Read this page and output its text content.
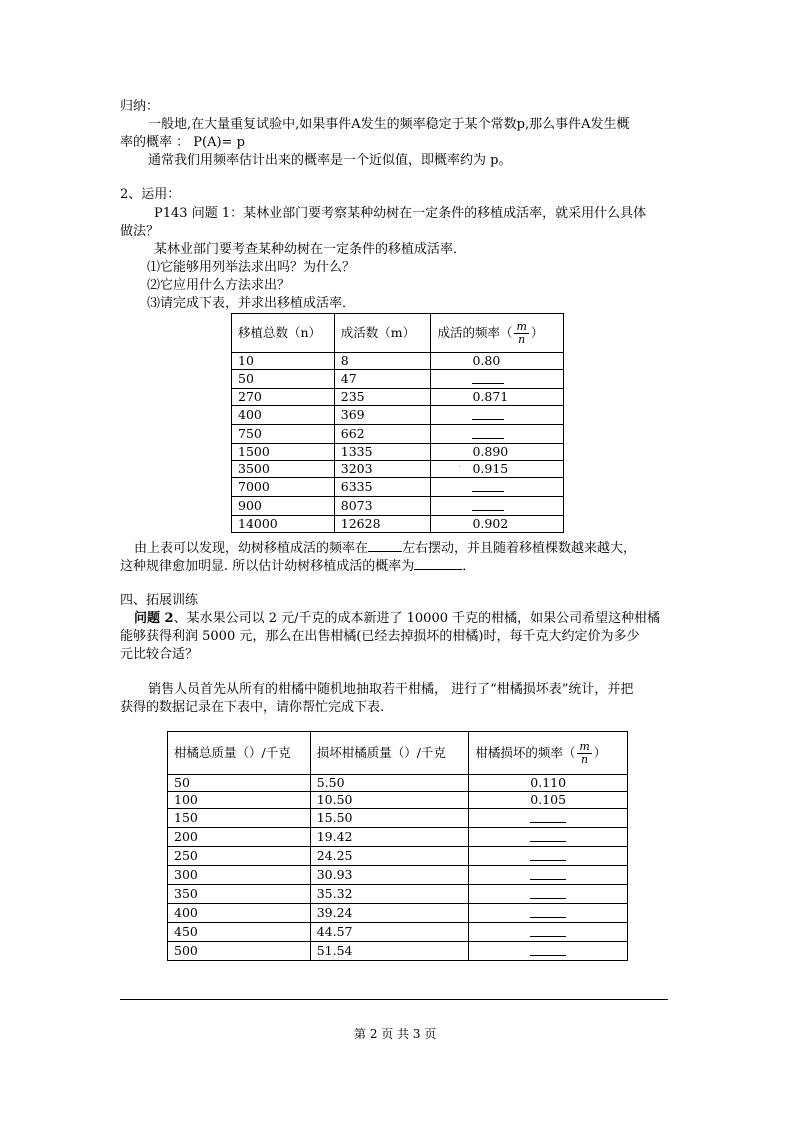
归纳：
一般地,在大量重复试验中,如果事件A发生的频率稳定于某个常数p,那么事件A发生概
率的概率 ： P(A)= p
通常我们用频率估计出来的概率是一个近似值，即概率约为 p。
2、运用：
P143 问题 1：某林业部门要考察某种幼树在一定条件的移植成活率，就采用什么具体
做法？
某林业部门要考查某种幼树在一定条件的移植成活率．
⑴它能够用列举法求出吗？为什么？
⑵它应用什么方法求出？
⑶请完成下表，并求出移植成活率．
移植总数（n）	成活数（m）	成活的频率（ $\frac{m}{n}$ ）
10	8	0.80
50	47	
270	235	0.871
400	369	
750	662	
1500	1335	0.890
3500	3203	0.915
7000	6335	
900	8073	
14000	12628	0.902
.
由上表可以发现，幼树移植成活的频率在	左右摆动，并且随着移植棵数越来越大，
这种规律愈加明显. 所以估计幼树移植成活的概率为	．
四、拓展训练
问题 2、某水果公司以 2 元/千克的成本新进了 10000 千克的柑橘，如果公司希望这种柑橘
能够获得利润 5000 元，那么在出售柑橘(已经去掉损坏的柑橘)时，每千克大约定价为多少
元比较合适？
销售人员首先从所有的柑橘中随机地抽取若干柑橘， 进行了“柑橘损坏表”统计，并把
获得的数据记录在下表中，请你帮忙完成下表.
柑橘总质量（）/千克	损坏柑橘质量（）/千克	柑橘损坏的频率（ $\frac{m}{n}$ ）
50	5.50	0.110
100	10.50	0.105
150	15.50	
200	19.42	
250	24.25	
300	30.93	
350	35.32	
400	39.24	
450	44.57	
500	51.54	
第 2 页 共 3 页
